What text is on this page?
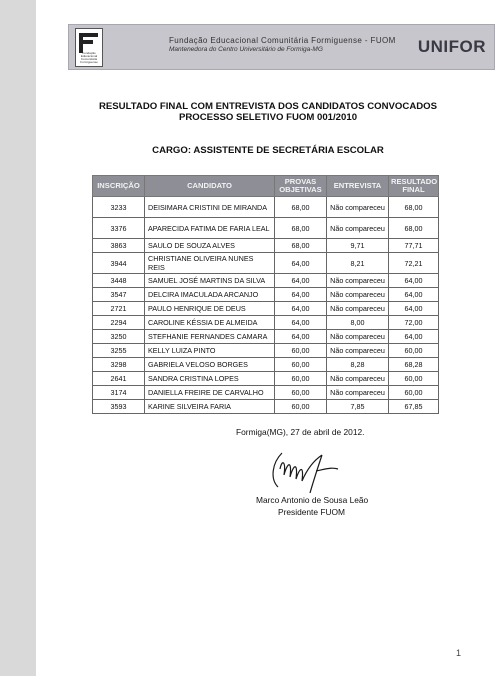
Fundação Educacional Comunitária Formiguense
Fundação Educacional Comunitária Formiguense - FUOM
Mantenedora do Centro Universitário de Formiga-MG	UNIFOR
RESULTADO FINAL COM ENTREVISTA DOS CANDIDATOS CONVOCADOS
PROCESSO SELETIVO FUOM 001/2010
CARGO: ASSISTENTE DE SECRETÁRIA ESCOLAR
INSCRIÇÃO	CANDIDATO	PROVAS OBJETIVAS	ENTREVISTA	RESULTADO FINAL
3233	DEISIMARA CRISTINI DE MIRANDA	68,00	Não compareceu	68,00
3376	APARECIDA FATIMA DE FARIA LEAL	68,00	Não compareceu	68,00
3863	SAULO DE SOUZA ALVES	68,00	9,71	77,71
3944	CHRISTIANE OLIVEIRA NUNES REIS	64,00	8,21	72,21
3448	SAMUEL JOSÉ MARTINS DA SILVA	64,00	Não compareceu	64,00
3547	DELCIRA IMACULADA ARCANJO	64,00	Não compareceu	64,00
2721	PAULO HENRIQUE DE DEUS	64,00	Não compareceu	64,00
2294	CAROLINE KÉSSIA DE ALMEIDA	64,00	8,00	72,00
3250	STEFHANIE FERNANDES CAMARA	64,00	Não compareceu	64,00
3255	KELLY LUIZA PINTO	60,00	Não compareceu	60,00
3298	GABRIELA VELOSO BORGES	60,00	8,28	68,28
2641	SANDRA CRISTINA LOPES	60,00	Não compareceu	60,00
3174	DANIELLA FREIRE DE CARVALHO	60,00	Não compareceu	60,00
3593	KARINE SILVEIRA FARIA	60,00	7,85	67,85
Formiga(MG), 27 de abril de 2012.
Marco Antonio de Sousa Leão
Presidente FUOM
1
